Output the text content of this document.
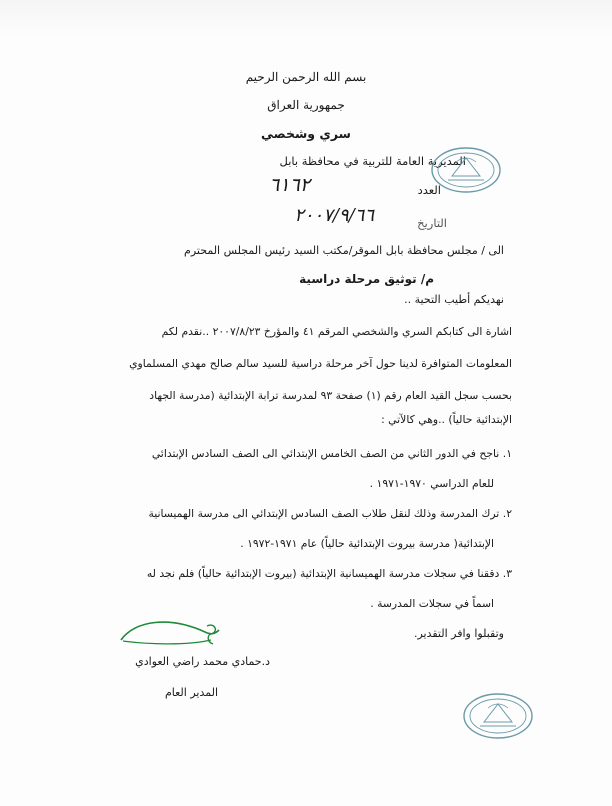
بسم الله الرحمن الرحيم
جمهورية العراق
سري وشخصي
المديرية العامة للتربية في محافظة بابل
العدد
٦١٦٢
التاريخ
٢٠٠٧/٩/٦٦
الى / مجلس محافظة بابل الموقر/مكتب السيد رئيس المجلس المحترم
م/ توثيق مرحلة دراسية
نهديكم أطيب التحية ..
اشارة الى كتابكم السري والشخصي المرقم ٤١ والمؤرخ ٢٠٠٧/٨/٢٣ ..نقدم لكم
المعلومات المتوافرة لدينا حول آخر مرحلة دراسية للسيد سالم صالح مهدي المسلماوي
بحسب سجل القيد العام رقم (١) صفحة ٩٣ لمدرسة ترابة الإبتدائية (مدرسة الجهاد
الإبتدائية حالياً) ..وهي كالآتي :
١. ناجح في الدور الثاني من الصف الخامس الإبتدائي الى الصف السادس الإبتدائي
للعام الدراسي ١٩٧٠-١٩٧١ .
٢. ترك المدرسة وذلك لنقل طلاب الصف السادس الإبتدائي الى مدرسة الهميسانية
الإبتدائية( مدرسة بيروت الإبتدائية حالياً) عام ١٩٧١-١٩٧٢ .
٣. دققنا في سجلات مدرسة الهميسانية الإبتدائية (بيروت الإبتدائية حالياً) فلم نجد له
اسماً في سجلات المدرسة .
وتقبلوا وافر التقدير.
د.حمادي محمد راضي العوادي
المدير العام
